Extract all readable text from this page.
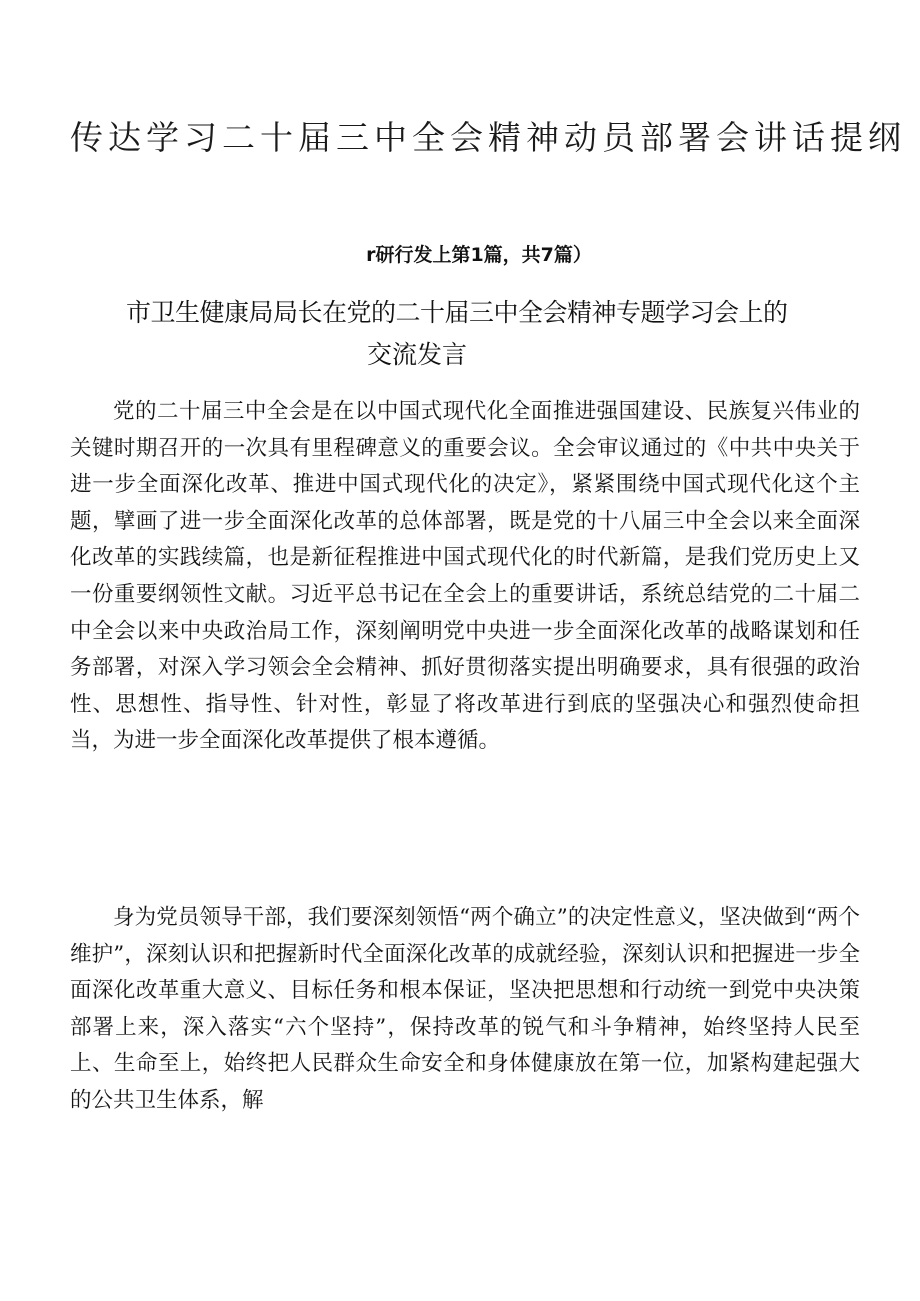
传达学习二十届三中全会精神动员部署会讲话提纲
r研行发上第1篇，共7篇）
市卫生健康局局长在党的二十届三中全会精神专题学习会上的
交流发言

党的二十届三中全会是在以中国式现代化全面推进强国建设、民族复兴伟业的关键时期召开的一次具有里程碑意义的重要会议。全会审议通过的《中共中央关于进一步全面深化改革、推进中国式现代化的决定》，紧紧围绕中国式现代化这个主题，擘画了进一步全面深化改革的总体部署，既是党的十八届三中全会以来全面深化改革的实践续篇，也是新征程推进中国式现代化的时代新篇，是我们党历史上又一份重要纲领性文献。习近平总书记在全会上的重要讲话，系统总结党的二十届二中全会以来中央政治局工作，深刻阐明党中央进一步全面深化改革的战略谋划和任务部署，对深入学习领会全会精神、抓好贯彻落实提出明确要求，具有很强的政治性、思想性、指导性、针对性，彰显了将改革进行到底的坚强决心和强烈使命担当，为进一步全面深化改革提供了根本遵循。

身为党员领导干部，我们要深刻领悟“两个确立”的决定性意义，坚决做到“两个维护”，深刻认识和把握新时代全面深化改革的成就经验，深刻认识和把握进一步全面深化改革重大意义、目标任务和根本保证，坚决把思想和行动统一到党中央决策部署上来，深入落实“六个坚持”，保持改革的锐气和斗争精神，始终坚持人民至上、生命至上，始终把人民群众生命安全和身体健康放在第一位，加紧构建起强大的公共卫生体系，解
